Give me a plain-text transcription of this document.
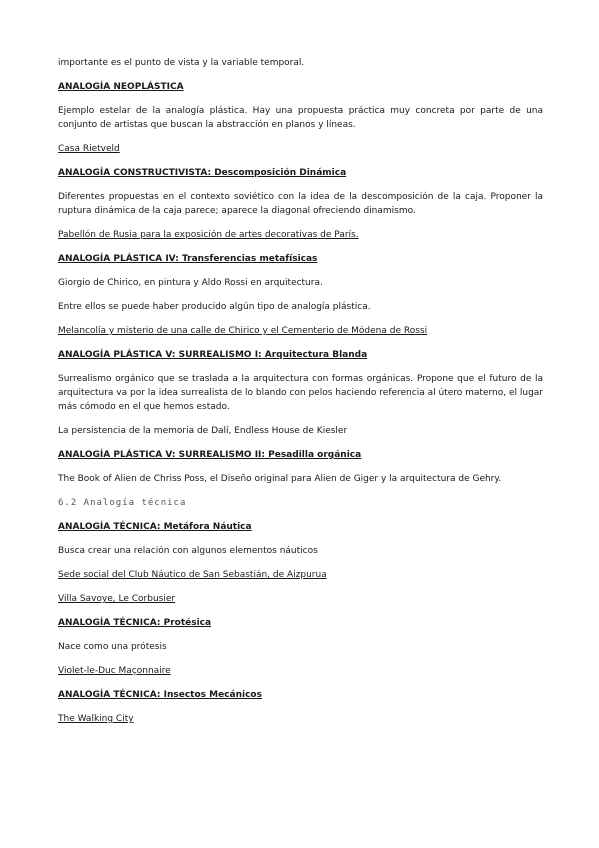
importante es el punto de vista y la variable temporal.

ANALOGÍA NEOPLÁSTICA

Ejemplo estelar de la analogía plástica. Hay una propuesta práctica muy concreta por parte de una conjunto de artistas que buscan la abstracción en planos y líneas.

Casa Rietveld

ANALOGÍA CONSTRUCTIVISTA: Descomposición Dinámica

Diferentes propuestas en el contexto soviético con la idea de la descomposición de la caja. Proponer la ruptura dinámica de la caja parece; aparece la diagonal ofreciendo dinamismo.

Pabellón de Rusia para la exposición de artes decorativas de París.

ANALOGÍA PLÁSTICA IV: Transferencias metafísicas

Giorgio de Chirico, en pintura y Aldo Rossi en arquitectura.

Entre ellos se puede haber producido algún tipo de analogía plástica.

Melancolía y misterio de una calle de Chirico y el Cementerio de Módena de Rossi

ANALOGÍA PLÁSTICA V: SURREALISMO I: Arquitectura Blanda

Surrealismo orgánico que se traslada a la arquitectura con formas orgánicas. Propone que el futuro de la arquitectura va por la idea surrealista de lo blando con pelos haciendo referencia al útero materno, el lugar más cómodo en el que hemos estado.

La persistencia de la memoria de Dalí, Endless House de Kiesler

ANALOGÍA PLÁSTICA V: SURREALISMO II: Pesadilla orgánica

The Book of Alien de Chriss Poss, el Diseño original para Alien de Giger y la arquitectura de Gehry.

6.2 Analogía técnica

ANALOGÍA TÉCNICA: Metáfora Náutica

Busca crear una relación con algunos elementos náuticos

Sede social del Club Náutico de San Sebastián, de Aizpurua

Villa Savoye, Le Corbusier

ANALOGÍA TÉCNICA: Protésica

Nace como una prótesis

Violet-le-Duc Maçonnaire

ANALOGÍA TÉCNICA: Insectos Mecánicos

The Walking City
